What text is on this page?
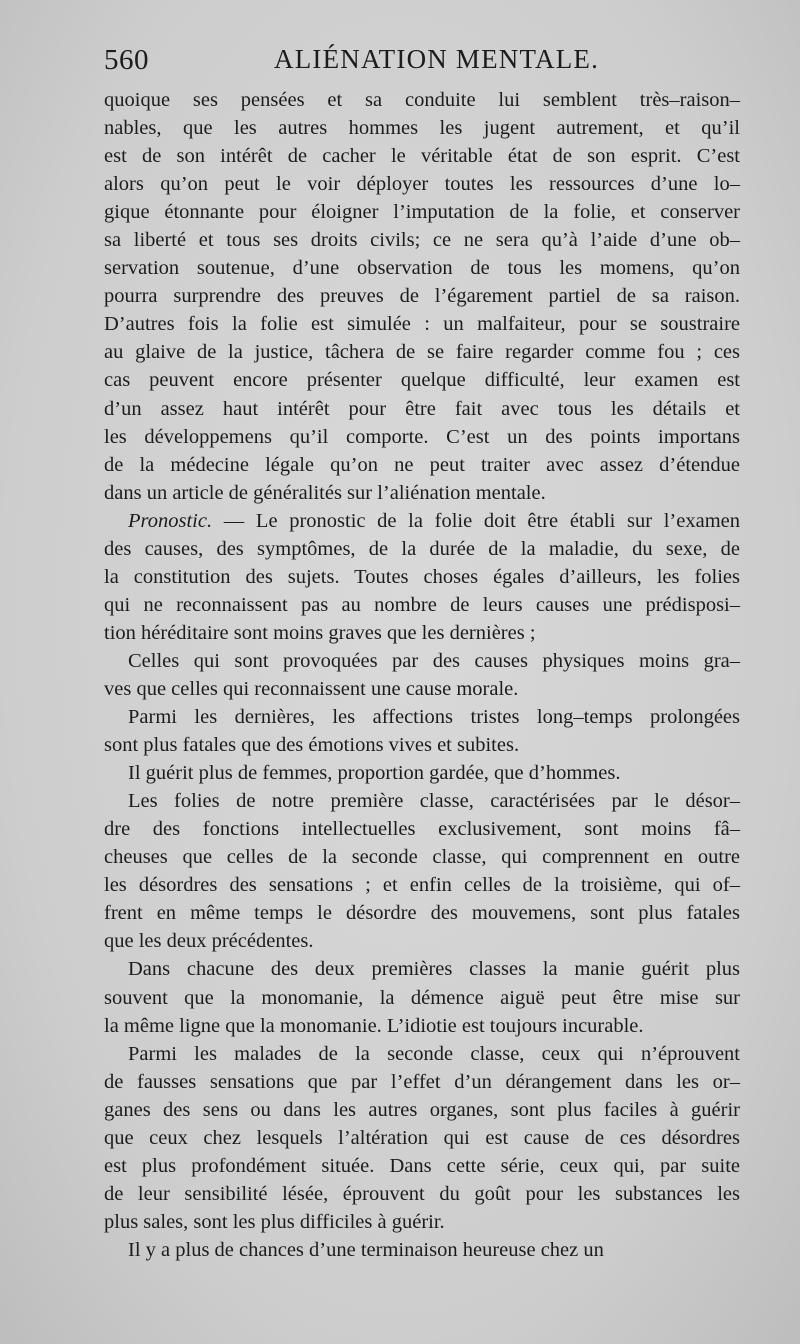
560	ALIÉNATION MENTALE.

quoique ses pensées et sa conduite lui semblent très–raison–

nables, que les autres hommes les jugent autrement, et qu’il

est de son intérêt de cacher le véritable état de son esprit. C’est

alors qu’on peut le voir déployer toutes les ressources d’une lo–

gique étonnante pour éloigner l’imputation de la folie, et conserver

sa liberté et tous ses droits civils; ce ne sera qu’à l’aide d’une ob–

servation soutenue, d’une observation de tous les momens, qu’on

pourra surprendre des preuves de l’égarement partiel de sa raison.

D’autres fois la folie est simulée : un malfaiteur, pour se soustraire

au glaive de la justice, tâchera de se faire regarder comme fou ; ces

cas peuvent encore présenter quelque difficulté, leur examen est

d’un assez haut intérêt pour être fait avec tous les détails et

les développemens qu’il comporte. C’est un des points importans

de la médecine légale qu’on ne peut traiter avec assez d’étendue

dans un article de généralités sur l’aliénation mentale.

Pronostic. — Le pronostic de la folie doit être établi sur l’examen

des causes, des symptômes, de la durée de la maladie, du sexe, de

la constitution des sujets. Toutes choses égales d’ailleurs, les folies

qui ne reconnaissent pas au nombre de leurs causes une prédisposi–

tion héréditaire sont moins graves que les dernières ;

Celles qui sont provoquées par des causes physiques moins gra–

ves que celles qui reconnaissent une cause morale.

Parmi les dernières, les affections tristes long–temps prolongées

sont plus fatales que des émotions vives et subites.

Il guérit plus de femmes, proportion gardée, que d’hommes.

Les folies de notre première classe, caractérisées par le désor–

dre des fonctions intellectuelles exclusivement, sont moins fâ–

cheuses que celles de la seconde classe, qui comprennent en outre

les désordres des sensations ; et enfin celles de la troisième, qui of–

frent en même temps le désordre des mouvemens, sont plus fatales

que les deux précédentes.

Dans chacune des deux premières classes la manie guérit plus

souvent que la monomanie, la démence aiguë peut être mise sur

la même ligne que la monomanie. L’idiotie est toujours incurable.

Parmi les malades de la seconde classe, ceux qui n’éprouvent

de fausses sensations que par l’effet d’un dérangement dans les or–

ganes des sens ou dans les autres organes, sont plus faciles à guérir

que ceux chez lesquels l’altération qui est cause de ces désordres

est plus profondément située. Dans cette série, ceux qui, par suite

de leur sensibilité lésée, éprouvent du goût pour les substances les

plus sales, sont les plus difficiles à guérir.

Il y a plus de chances d’une terminaison heureuse chez un
